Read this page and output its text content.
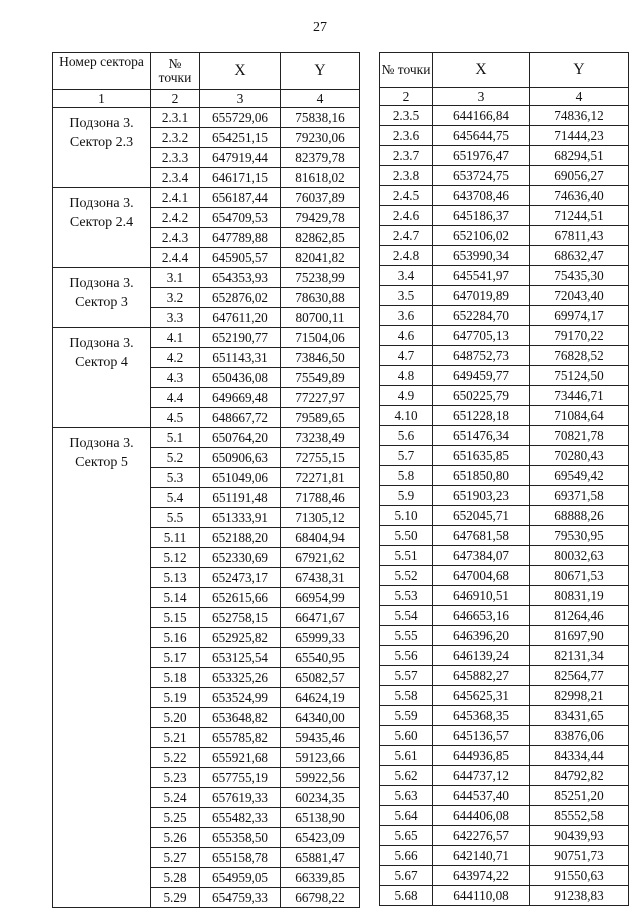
27
Номер сектора	№ точки	X	Y
1	2	3	4
Подзона 3. Сектор 2.3	2.3.1	655729,06	75838,16
	2.3.2	654251,15	79230,06
	2.3.3	647919,44	82379,78
	2.3.4	646171,15	81618,02
Подзона 3. Сектор 2.4	2.4.1	656187,44	76037,89
	2.4.2	654709,53	79429,78
	2.4.3	647789,88	82862,85
	2.4.4	645905,57	82041,82
Подзона 3. Сектор 3	3.1	654353,93	75238,99
	3.2	652876,02	78630,88
	3.3	647611,20	80700,11
Подзона 3. Сектор 4	4.1	652190,77	71504,06
	4.2	651143,31	73846,50
	4.3	650436,08	75549,89
	4.4	649669,48	77227,97
	4.5	648667,72	79589,65
Подзона 3. Сектор 5	5.1	650764,20	73238,49
	5.2	650906,63	72755,15
	5.3	651049,06	72271,81
	5.4	651191,48	71788,46
	5.5	651333,91	71305,12
	5.11	652188,20	68404,94
	5.12	652330,69	67921,62
	5.13	652473,17	67438,31
	5.14	652615,66	66954,99
	5.15	652758,15	66471,67
	5.16	652925,82	65999,33
	5.17	653125,54	65540,95
	5.18	653325,26	65082,57
	5.19	653524,99	64624,19
	5.20	653648,82	64340,00
	5.21	655785,82	59435,46
	5.22	655921,68	59123,66
	5.23	657755,19	59922,56
	5.24	657619,33	60234,35
	5.25	655482,33	65138,90
	5.26	655358,50	65423,09
	5.27	655158,78	65881,47
	5.28	654959,05	66339,85
	5.29	654759,33	66798,22
№ точки	X	Y
2	3	4
2.3.5	644166,84	74836,12
2.3.6	645644,75	71444,23
2.3.7	651976,47	68294,51
2.3.8	653724,75	69056,27
2.4.5	643708,46	74636,40
2.4.6	645186,37	71244,51
2.4.7	652106,02	67811,43
2.4.8	653990,34	68632,47
3.4	645541,97	75435,30
3.5	647019,89	72043,40
3.6	652284,70	69974,17
4.6	647705,13	79170,22
4.7	648752,73	76828,52
4.8	649459,77	75124,50
4.9	650225,79	73446,71
4.10	651228,18	71084,64
5.6	651476,34	70821,78
5.7	651635,85	70280,43
5.8	651850,80	69549,42
5.9	651903,23	69371,58
5.10	652045,71	68888,26
5.50	647681,58	79530,95
5.51	647384,07	80032,63
5.52	647004,68	80671,53
5.53	646910,51	80831,19
5.54	646653,16	81264,46
5.55	646396,20	81697,90
5.56	646139,24	82131,34
5.57	645882,27	82564,77
5.58	645625,31	82998,21
5.59	645368,35	83431,65
5.60	645136,57	83876,06
5.61	644936,85	84334,44
5.62	644737,12	84792,82
5.63	644537,40	85251,20
5.64	644406,08	85552,58
5.65	642276,57	90439,93
5.66	642140,71	90751,73
5.67	643974,22	91550,63
5.68	644110,08	91238,83
